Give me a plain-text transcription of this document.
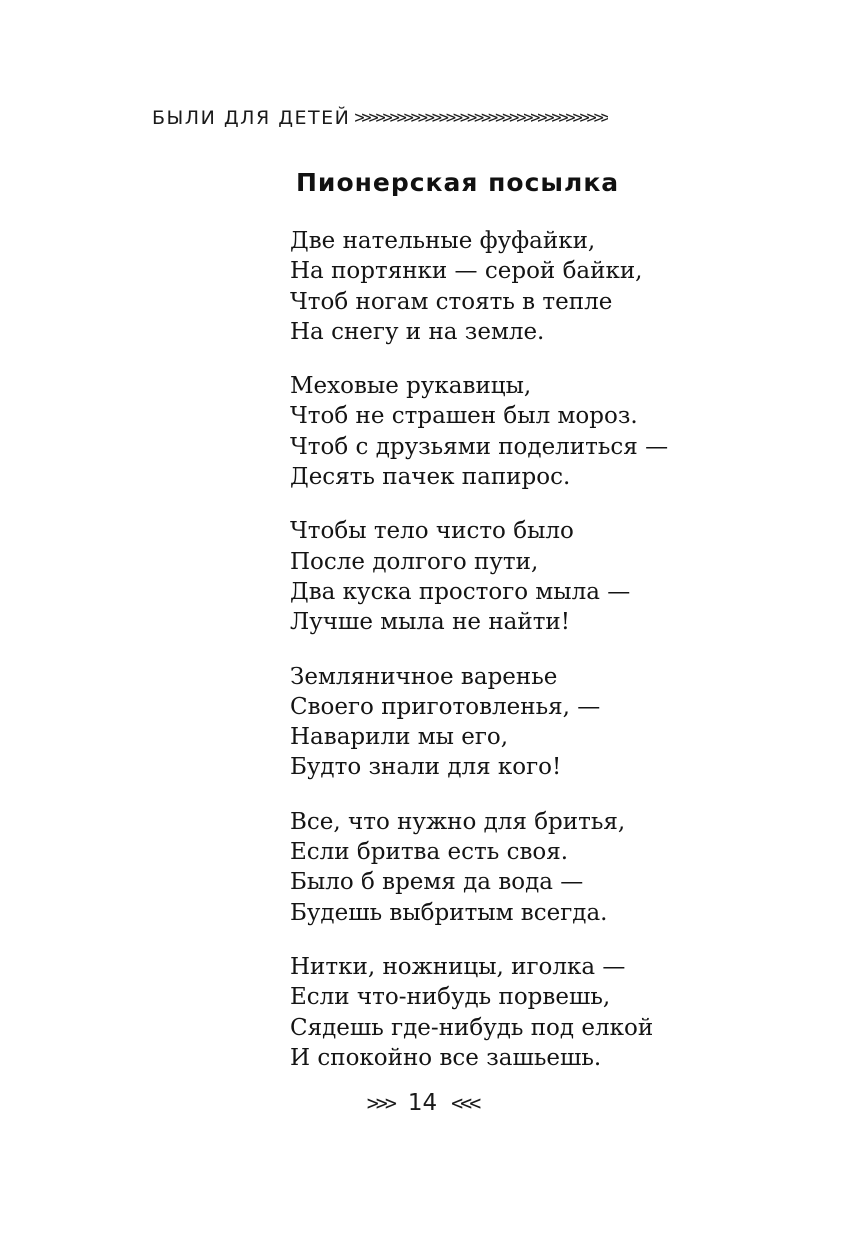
БЫЛИ ДЛЯ ДЕТЕЙ >>>>>>>>>>>>>>>>>>>>>>>>>>>>>>>>>>>>
Пионерская посылка
Две нательные фуфайки,
На портянки — серой байки,
Чтоб ногам стоять в тепле
На снегу и на земле.
Меховые рукавицы,
Чтоб не страшен был мороз.
Чтоб с друзьями поделиться —
Десять пачек папирос.
Чтобы тело чисто было
После долгого пути,
Два куска простого мыла —
Лучше мыла не найти!
Земляничное варенье
Своего приготовленья, —
Наварили мы его,
Будто знали для кого!
Все, что нужно для бритья,
Если бритва есть своя.
Было б время да вода —
Будешь выбритым всегда.
Нитки, ножницы, иголка —
Если что-нибудь порвешь,
Сядешь где-нибудь под елкой
И спокойно все зашьешь.
>>> 14 <<<
